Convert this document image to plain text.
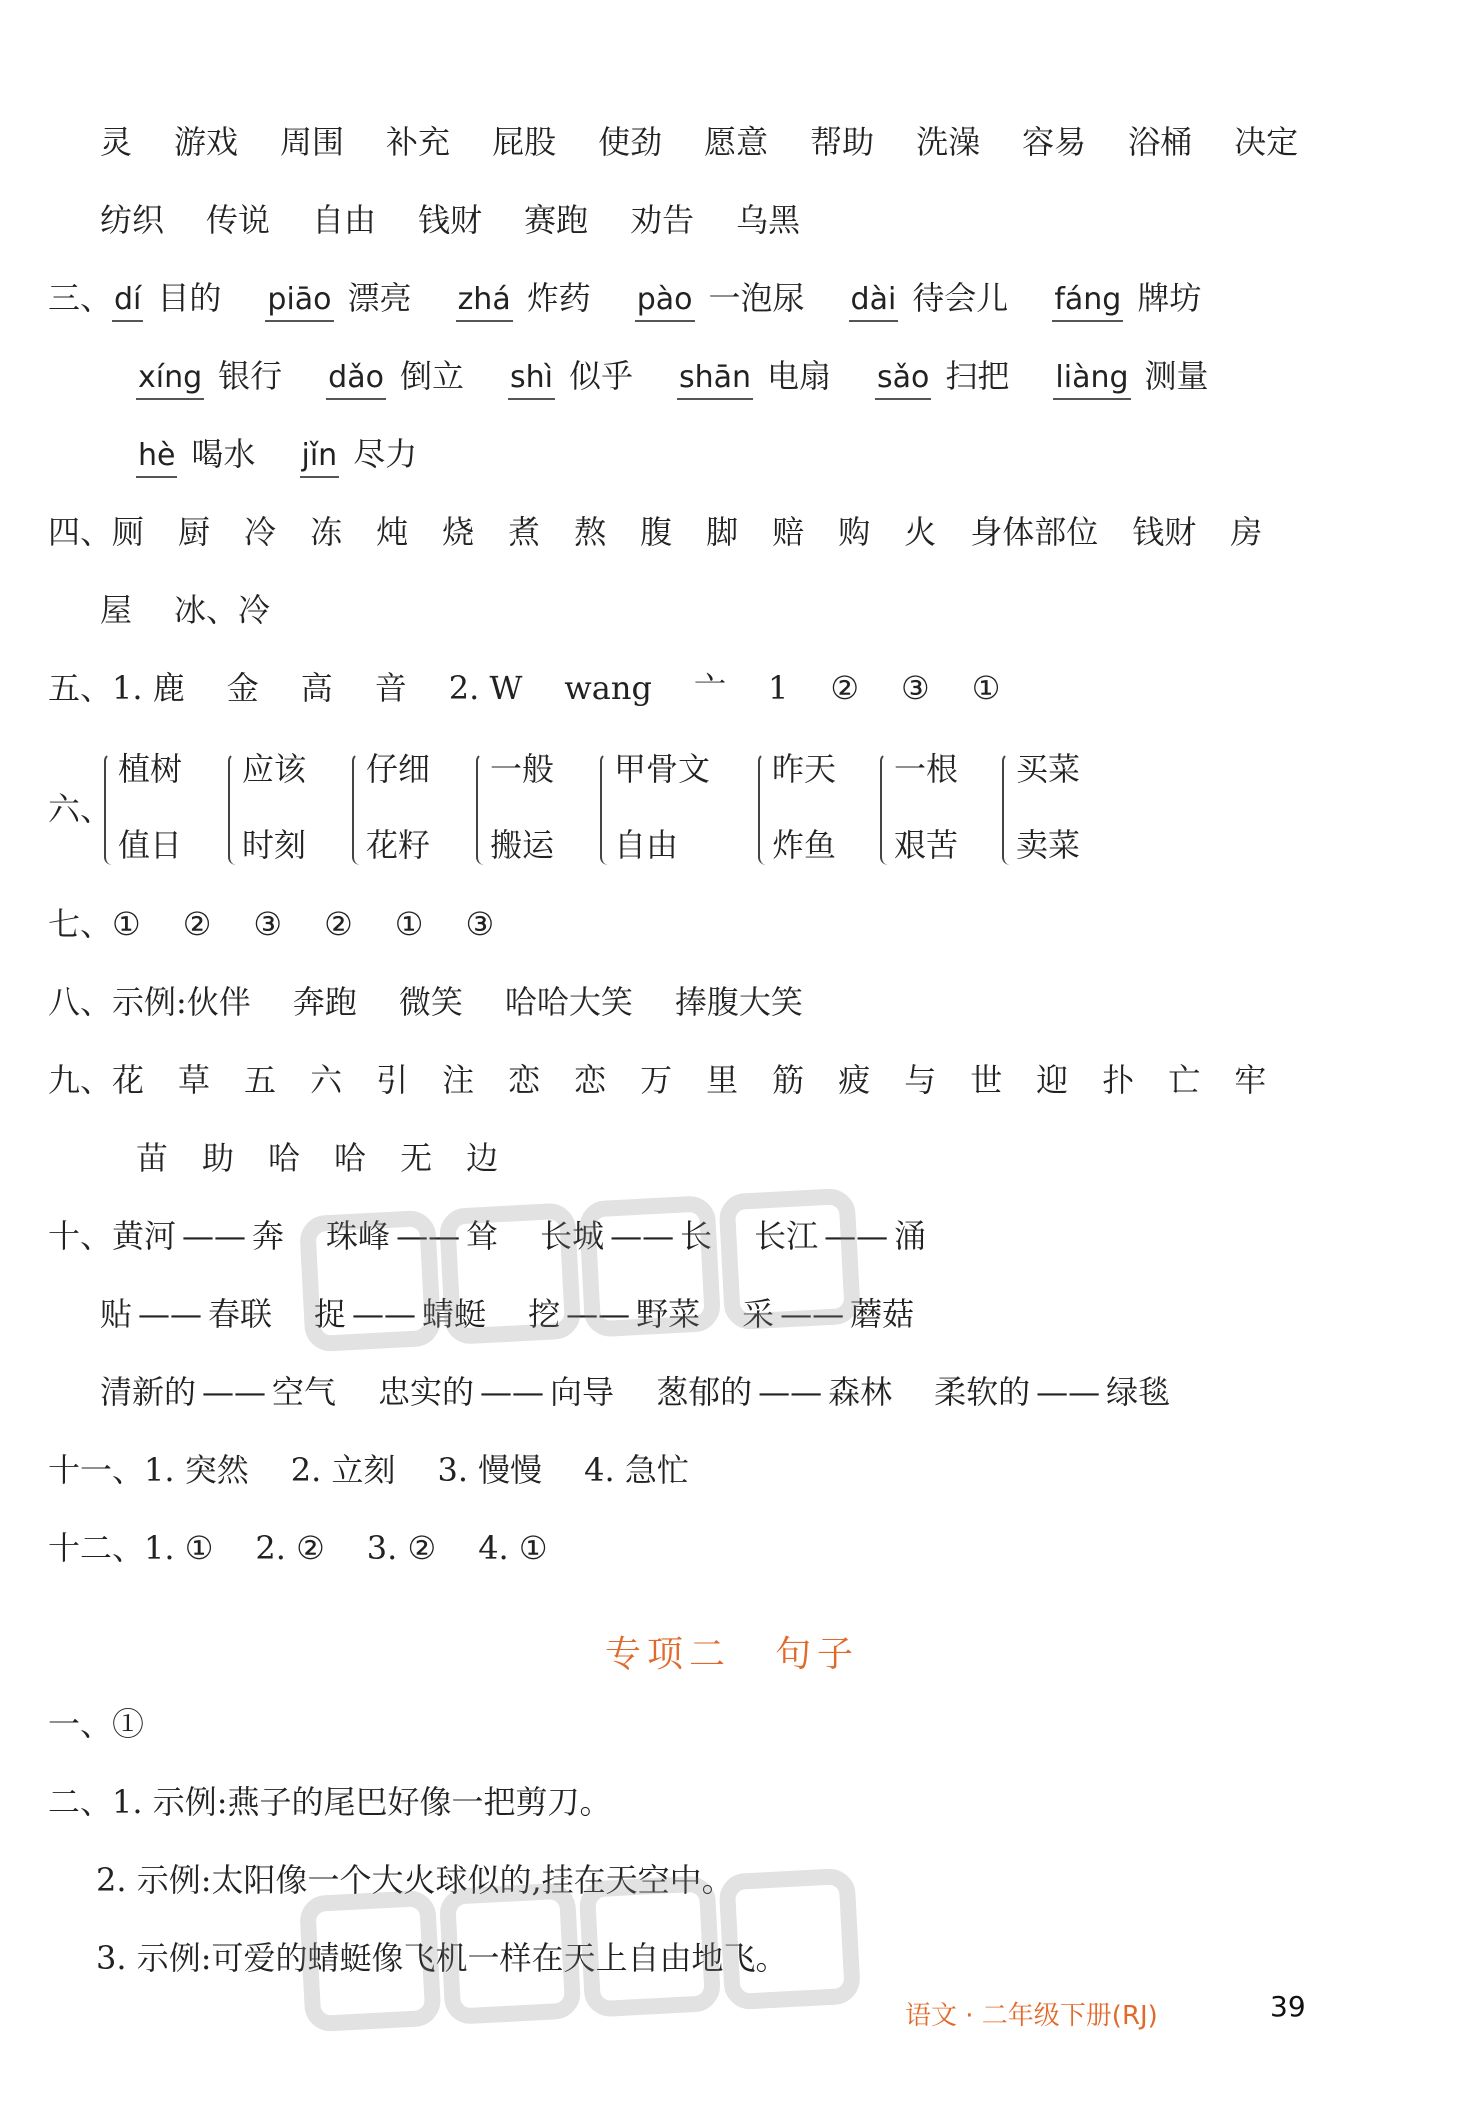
灵 游戏 周围 补充 屁股 使劲 愿意 帮助 洗澡 容易 浴桶 决定
纺织 传说 自由 钱财 赛跑 劝告 乌黑
三、dí 目的 piāo 漂亮 zhá 炸药 pào 一泡尿 dài 待会儿 fáng 牌坊
xíng 银行 dǎo 倒立 shì 似乎 shān 电扇 sǎo 扫把 liàng 测量
hè 喝水 jǐn 尽力
四、厕 厨 冷 冻 炖 烧 煮 熬 腹 脚 赔 购 火 身体部位 钱财 房
屋 冰、冷
五、1. 鹿 金 高 音 2. W wang 亠 1 ② ③ ①
六、
植树
值日
应该
时刻
仔细
花籽
一般
搬运
甲骨文
自由
昨天
炸鱼
一根
艰苦
买菜
卖菜
七、① ② ③ ② ① ③
八、示例:伙伴 奔跑 微笑 哈哈大笑 捧腹大笑
九、花 草 五 六 引 注 恋 恋 万 里 筋 疲 与 世 迎 扑 亡 牢
苗 助 哈 哈 无 边
十、黄河 —— 奔 珠峰 —— 耸 长城 —— 长 长江 —— 涌
贴 —— 春联 捉 —— 蜻蜓 挖 —— 野菜 采 —— 蘑菇
清新的 —— 空气 忠实的 —— 向导 葱郁的 —— 森林 柔软的 —— 绿毯
十一、1. 突然 2. 立刻 3. 慢慢 4. 急忙
十二、1. ① 2. ② 3. ② 4. ①
专项二 句子
一、①
二、1. 示例:燕子的尾巴好像一把剪刀。
2. 示例:太阳像一个大火球似的,挂在天空中。
3. 示例:可爱的蜻蜓像飞机一样在天上自由地飞。
语文 · 二年级下册(RJ)	39
